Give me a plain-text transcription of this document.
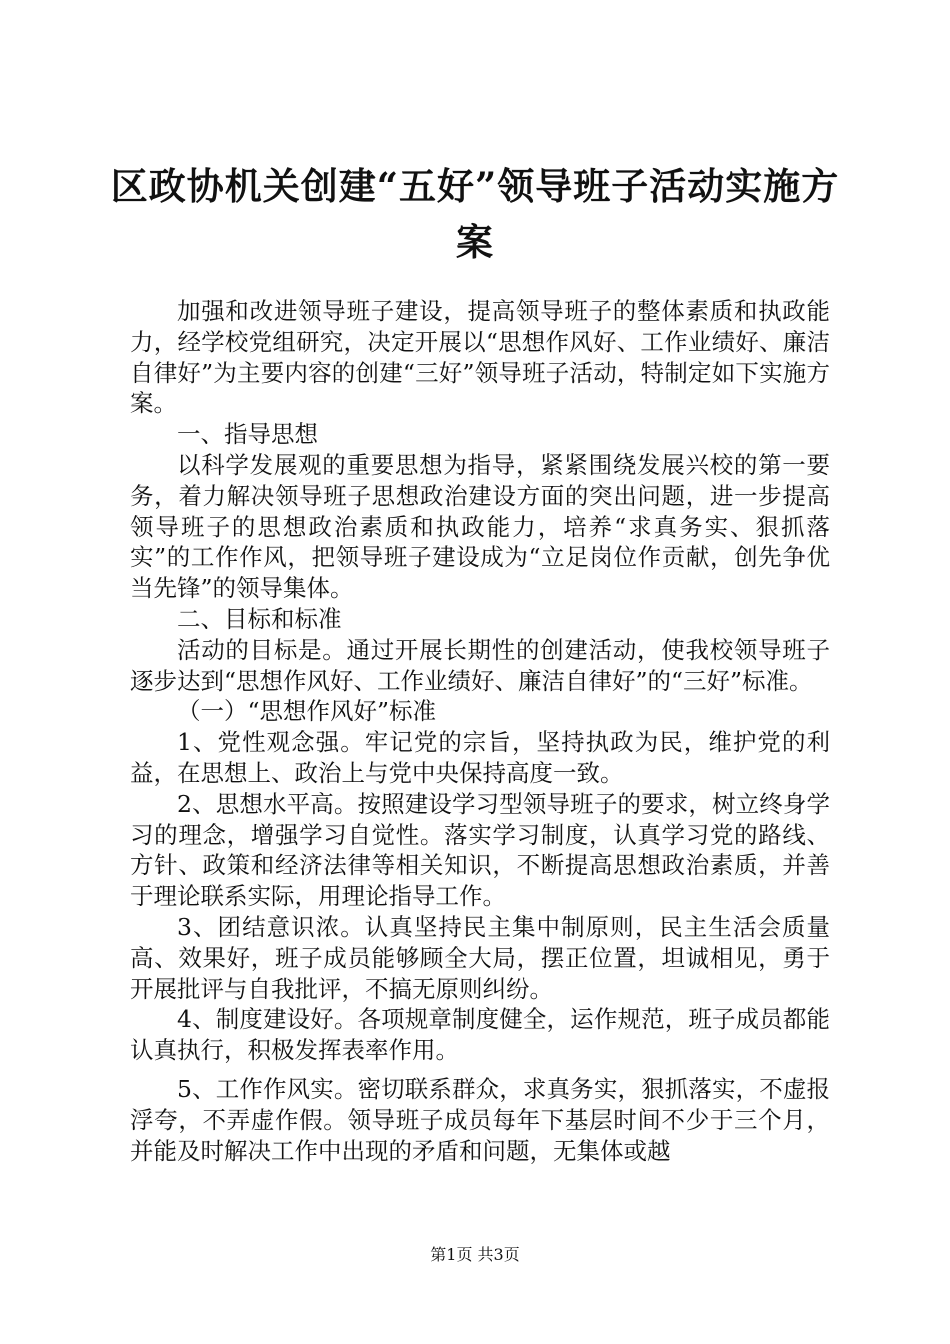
区政协机关创建“五好”领导班子活动实施方案

加强和改进领导班子建设，提高领导班子的整体素质和执政能力，经学校党组研究，决定开展以“思想作风好、工作业绩好、廉洁自律好”为主要内容的创建“三好”领导班子活动，特制定如下实施方案。

一、指导思想

以科学发展观的重要思想为指导，紧紧围绕发展兴校的第一要务，着力解决领导班子思想政治建设方面的突出问题，进一步提高领导班子的思想政治素质和执政能力，培养“求真务实、狠抓落实”的工作作风，把领导班子建设成为“立足岗位作贡献，创先争优当先锋”的领导集体。

二、目标和标准

活动的目标是。通过开展长期性的创建活动，使我校领导班子逐步达到“思想作风好、工作业绩好、廉洁自律好”的“三好”标准。

（一）“思想作风好”标准

1、党性观念强。牢记党的宗旨，坚持执政为民，维护党的利益，在思想上、政治上与党中央保持高度一致。

2、思想水平高。按照建设学习型领导班子的要求，树立终身学习的理念，增强学习自觉性。落实学习制度，认真学习党的路线、方针、政策和经济法律等相关知识，不断提高思想政治素质，并善于理论联系实际，用理论指导工作。

3、团结意识浓。认真坚持民主集中制原则，民主生活会质量高、效果好，班子成员能够顾全大局，摆正位置，坦诚相见，勇于开展批评与自我批评，不搞无原则纠纷。

4、制度建设好。各项规章制度健全，运作规范，班子成员都能认真执行，积极发挥表率作用。

5、工作作风实。密切联系群众，求真务实，狠抓落实，不虚报浮夸，不弄虚作假。领导班子成员每年下基层时间不少于三个月，并能及时解决工作中出现的矛盾和问题，无集体或越

第1页 共3页
